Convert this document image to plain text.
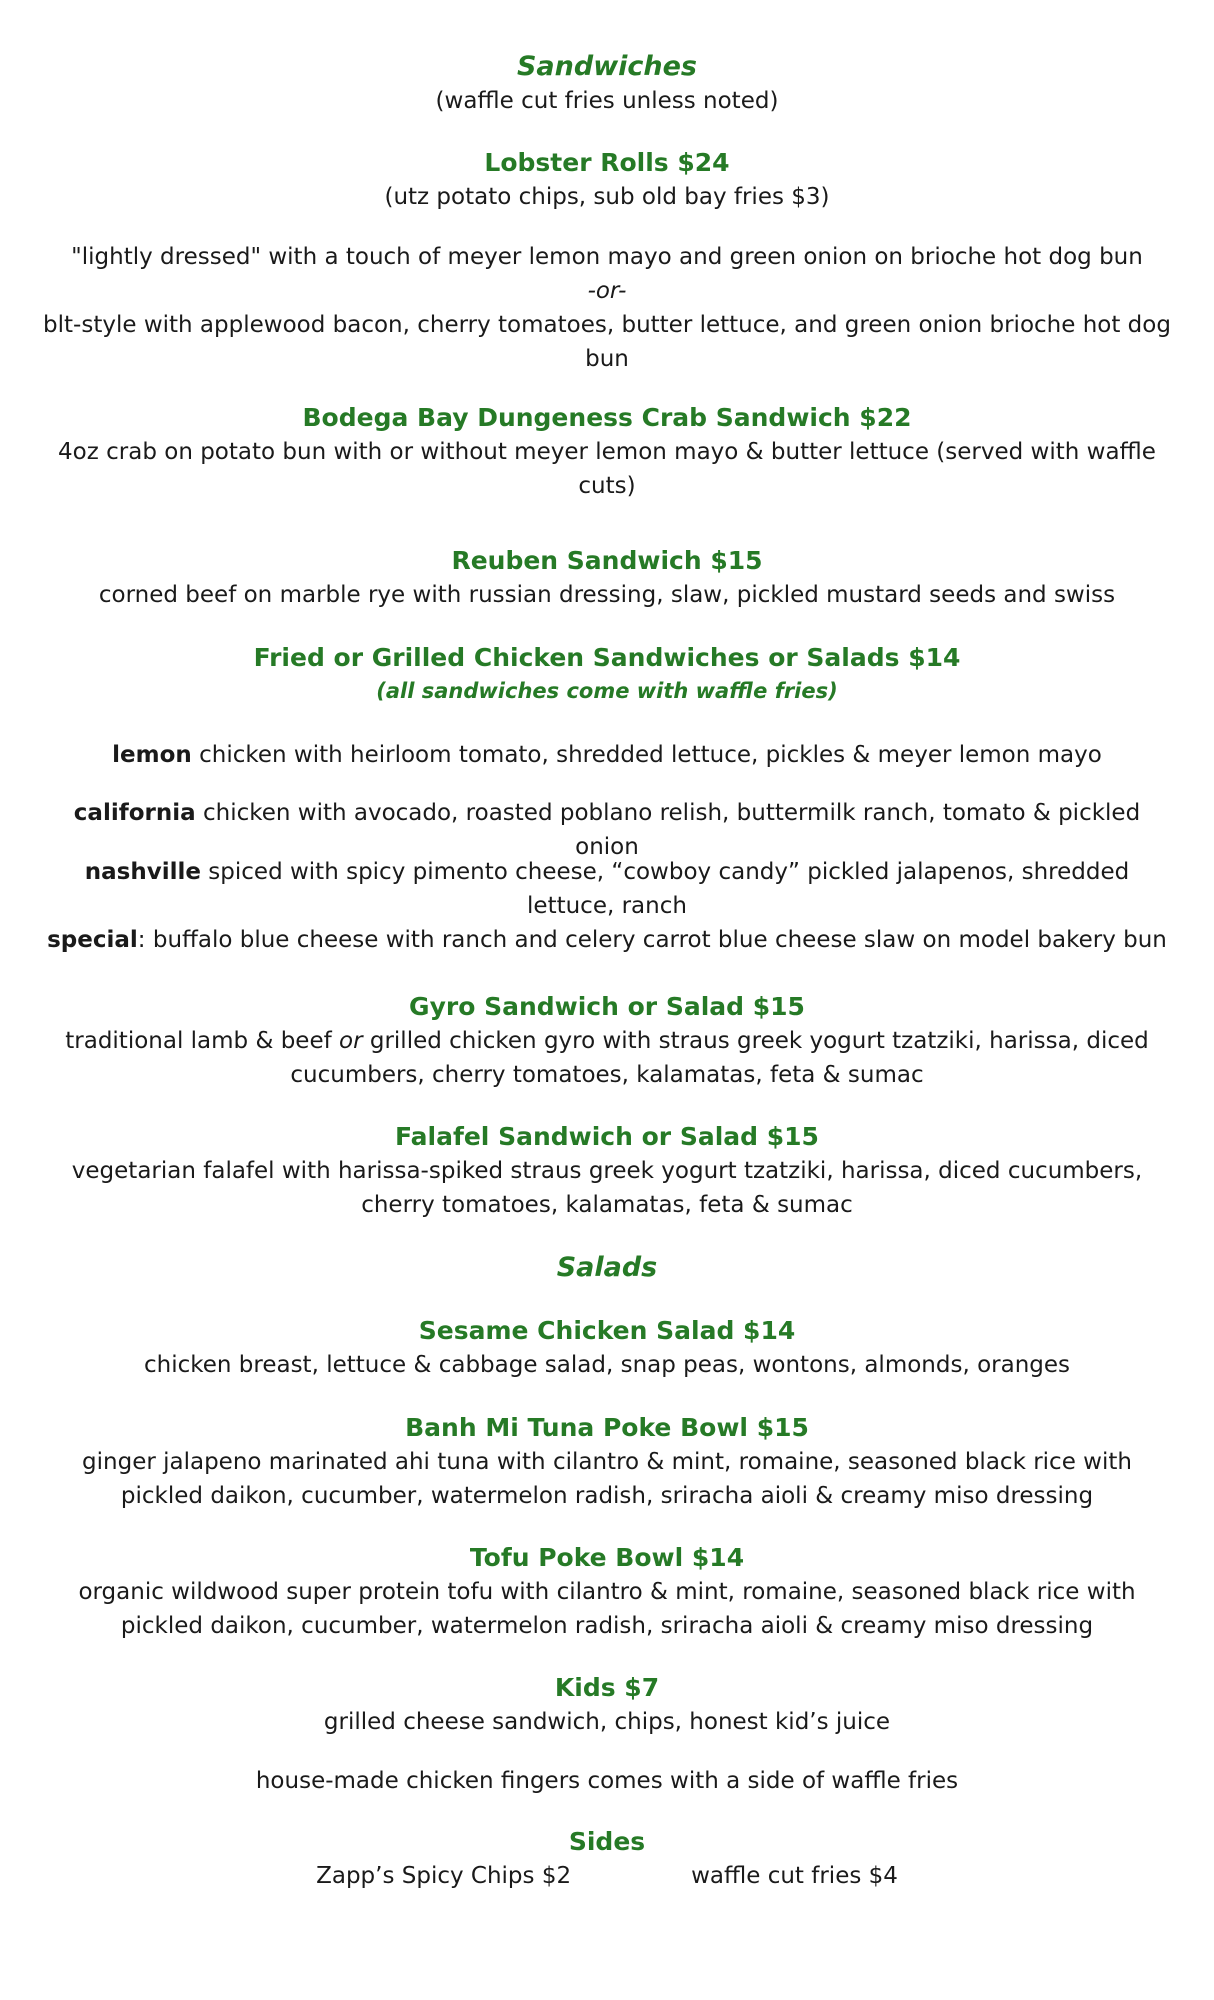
Sandwiches
(waffle cut fries unless noted)
Lobster Rolls $24
(utz potato chips, sub old bay fries $3)
"lightly dressed" with a touch of meyer lemon mayo and green onion on brioche hot dog bun
-or-
blt-style with applewood bacon, cherry tomatoes, butter lettuce, and green onion brioche hot dog bun
Bodega Bay Dungeness Crab Sandwich $22
4oz crab on potato bun with or without meyer lemon mayo & butter lettuce (served with waffle cuts)
Reuben Sandwich $15
corned beef on marble rye with russian dressing, slaw, pickled mustard seeds and swiss
Fried or Grilled Chicken Sandwiches or Salads $14
(all sandwiches come with waffle fries)
lemon chicken with heirloom tomato, shredded lettuce, pickles & meyer lemon mayo
california chicken with avocado, roasted poblano relish, buttermilk ranch, tomato & pickled onion
nashville spiced with spicy pimento cheese, “cowboy candy” pickled jalapenos, shredded lettuce, ranch
special: buffalo blue cheese with ranch and celery carrot blue cheese slaw on model bakery bun
Gyro Sandwich or Salad $15
traditional lamb & beef or grilled chicken gyro with straus greek yogurt tzatziki, harissa, diced cucumbers, cherry tomatoes, kalamatas, feta & sumac
Falafel Sandwich or Salad $15
vegetarian falafel with harissa-spiked straus greek yogurt tzatziki, harissa, diced cucumbers, cherry tomatoes, kalamatas, feta & sumac
Salads
Sesame Chicken Salad $14
chicken breast, lettuce & cabbage salad, snap peas, wontons, almonds, oranges
Banh Mi Tuna Poke Bowl $15
ginger jalapeno marinated ahi tuna with cilantro & mint, romaine, seasoned black rice with pickled daikon, cucumber, watermelon radish, sriracha aioli & creamy miso dressing
Tofu Poke Bowl $14
organic wildwood super protein tofu with cilantro & mint, romaine, seasoned black rice with pickled daikon, cucumber, watermelon radish, sriracha aioli & creamy miso dressing
Kids $7
grilled cheese sandwich, chips, honest kid’s juice
house-made chicken fingers comes with a side of waffle fries
Sides
Zapp’s Spicy Chips $2	waffle cut fries $4
